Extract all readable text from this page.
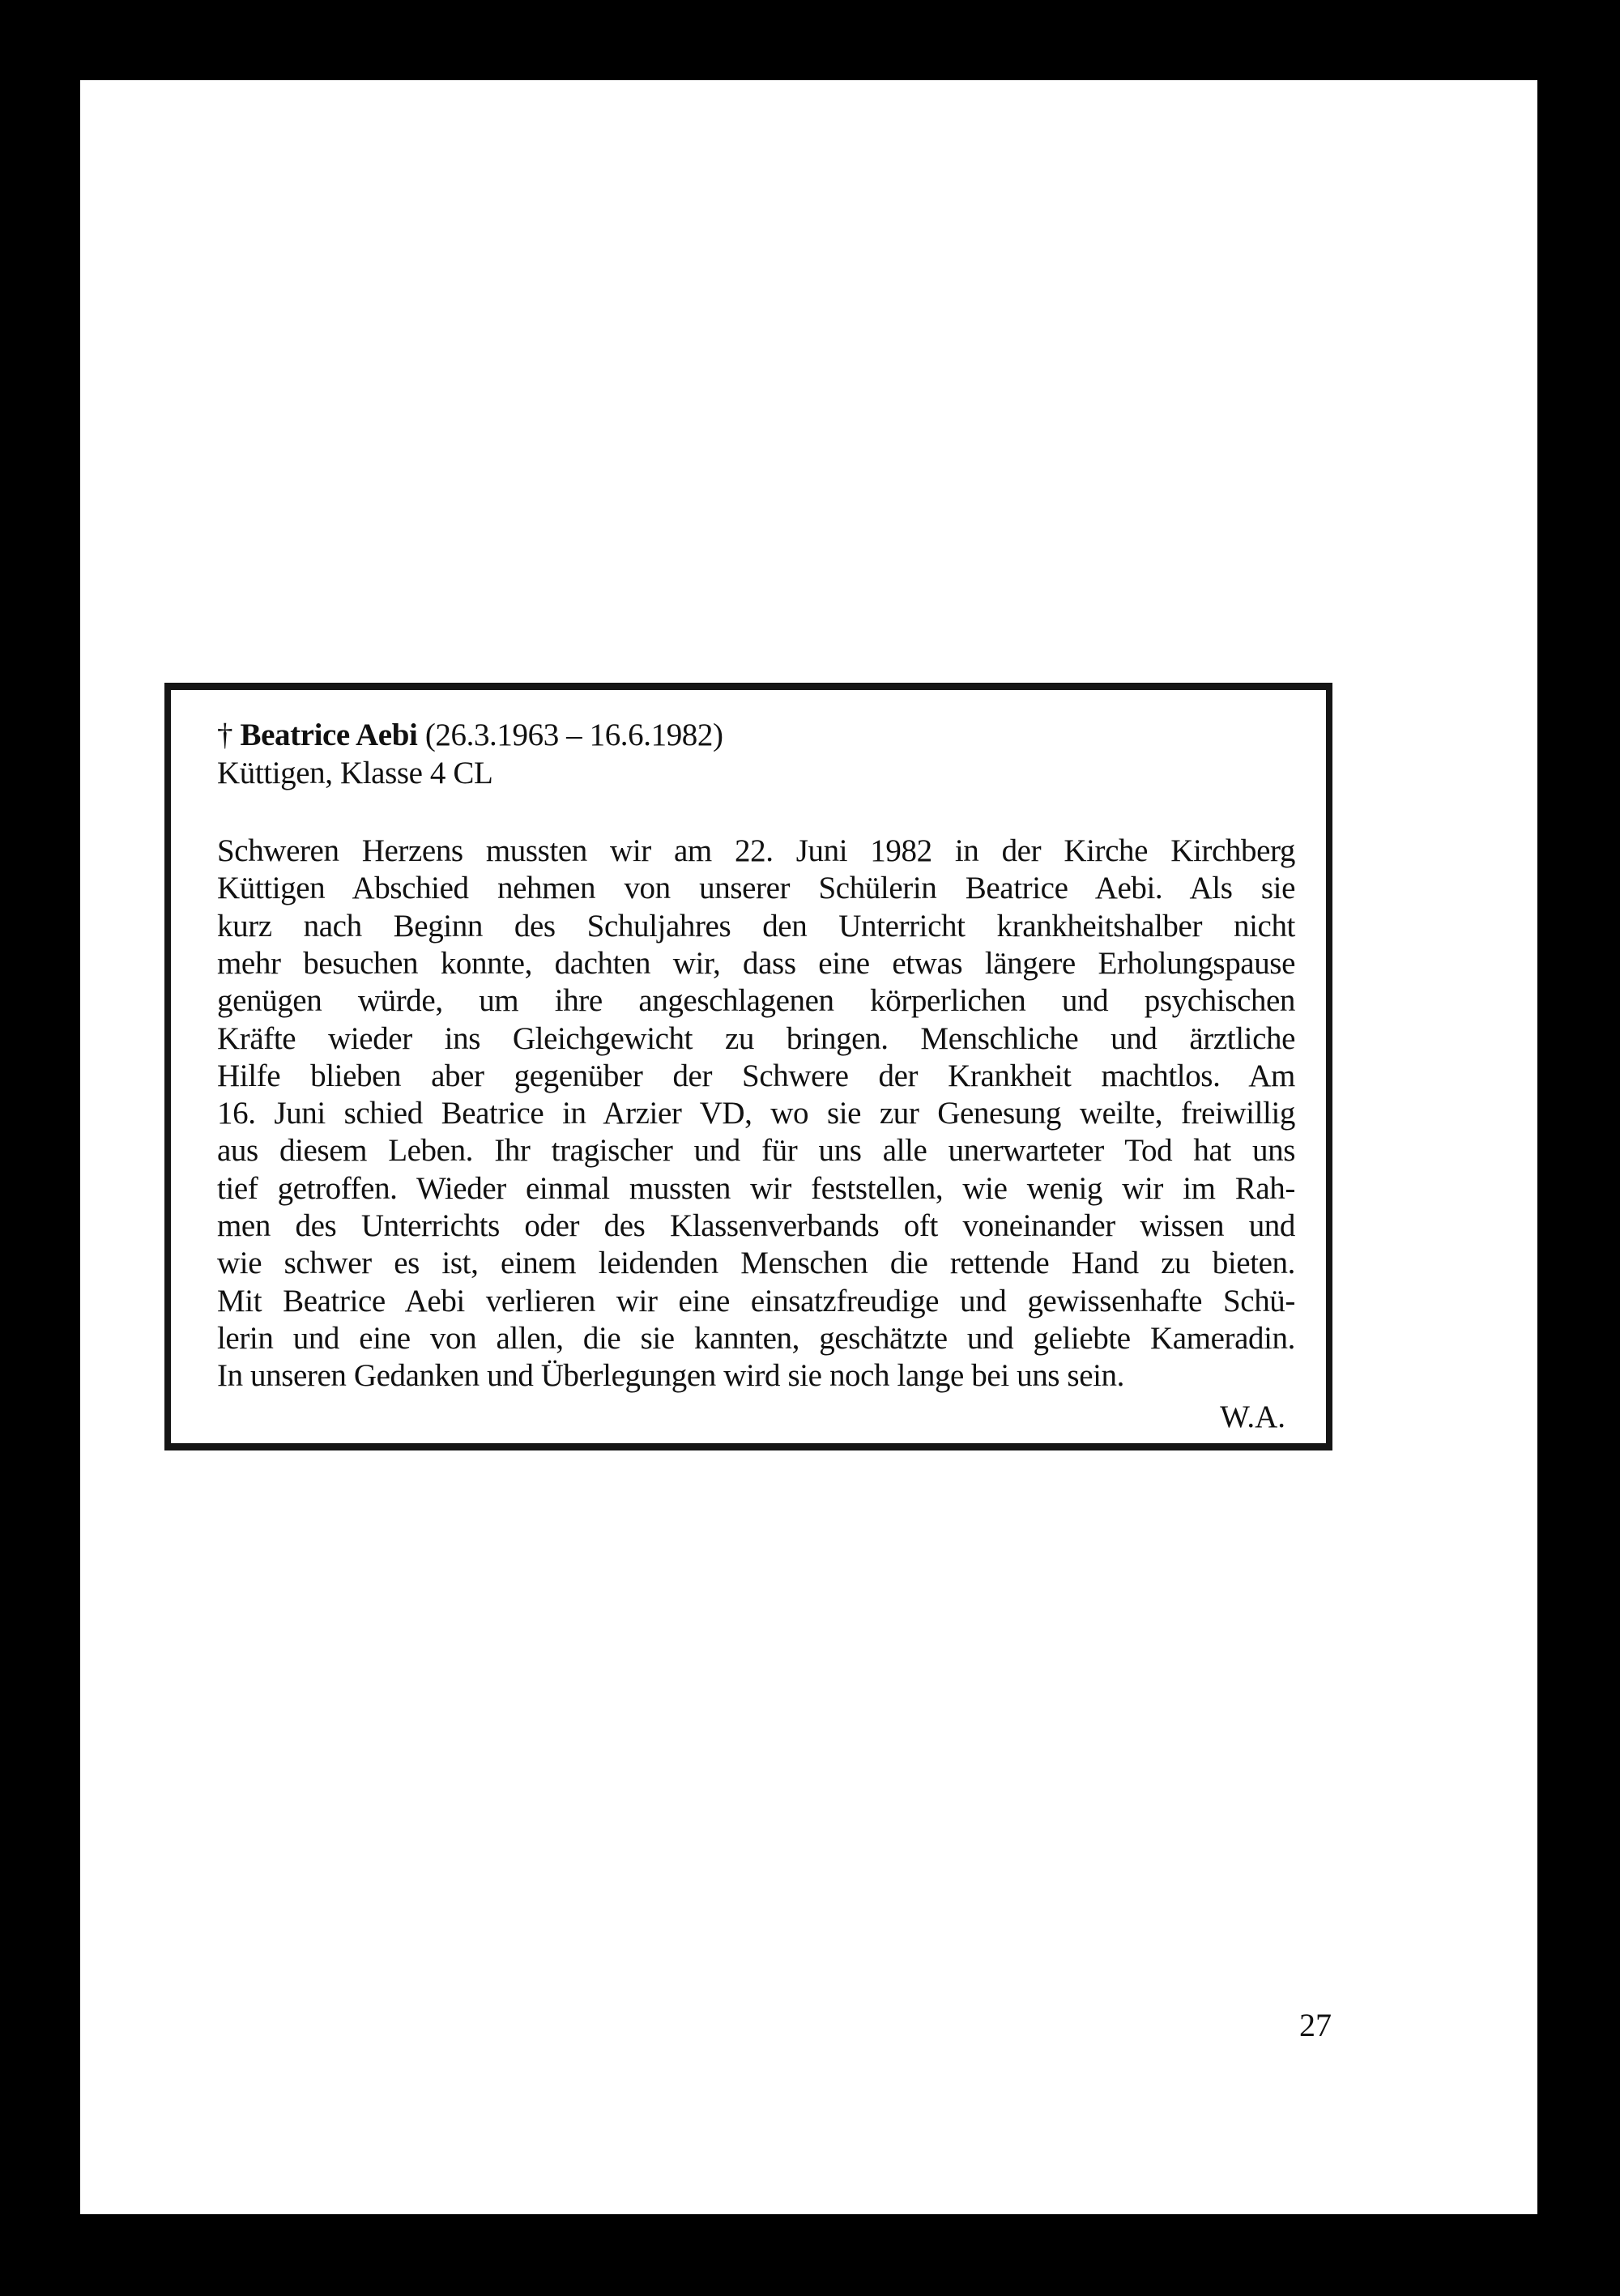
† Beatrice Aebi (26.3.1963 – 16.6.1982)
Küttigen, Klasse 4 CL
Schweren Herzens mussten wir am 22. Juni 1982 in der Kirche Kirchberg
Küttigen Abschied nehmen von unserer Schülerin Beatrice Aebi. Als sie
kurz nach Beginn des Schuljahres den Unterricht krankheitshalber nicht
mehr besuchen konnte, dachten wir, dass eine etwas längere Erholungspause
genügen würde, um ihre angeschlagenen körperlichen und psychischen
Kräfte wieder ins Gleichgewicht zu bringen. Menschliche und ärztliche
Hilfe blieben aber gegenüber der Schwere der Krankheit machtlos. Am
16. Juni schied Beatrice in Arzier VD, wo sie zur Genesung weilte, freiwillig
aus diesem Leben. Ihr tragischer und für uns alle unerwarteter Tod hat uns
tief getroffen. Wieder einmal mussten wir feststellen, wie wenig wir im Rah-
men des Unterrichts oder des Klassenverbands oft voneinander wissen und
wie schwer es ist, einem leidenden Menschen die rettende Hand zu bieten.
Mit Beatrice Aebi verlieren wir eine einsatzfreudige und gewissenhafte Schü-
lerin und eine von allen, die sie kannten, geschätzte und geliebte Kameradin.
In unseren Gedanken und Überlegungen wird sie noch lange bei uns sein.
W.A.
27
